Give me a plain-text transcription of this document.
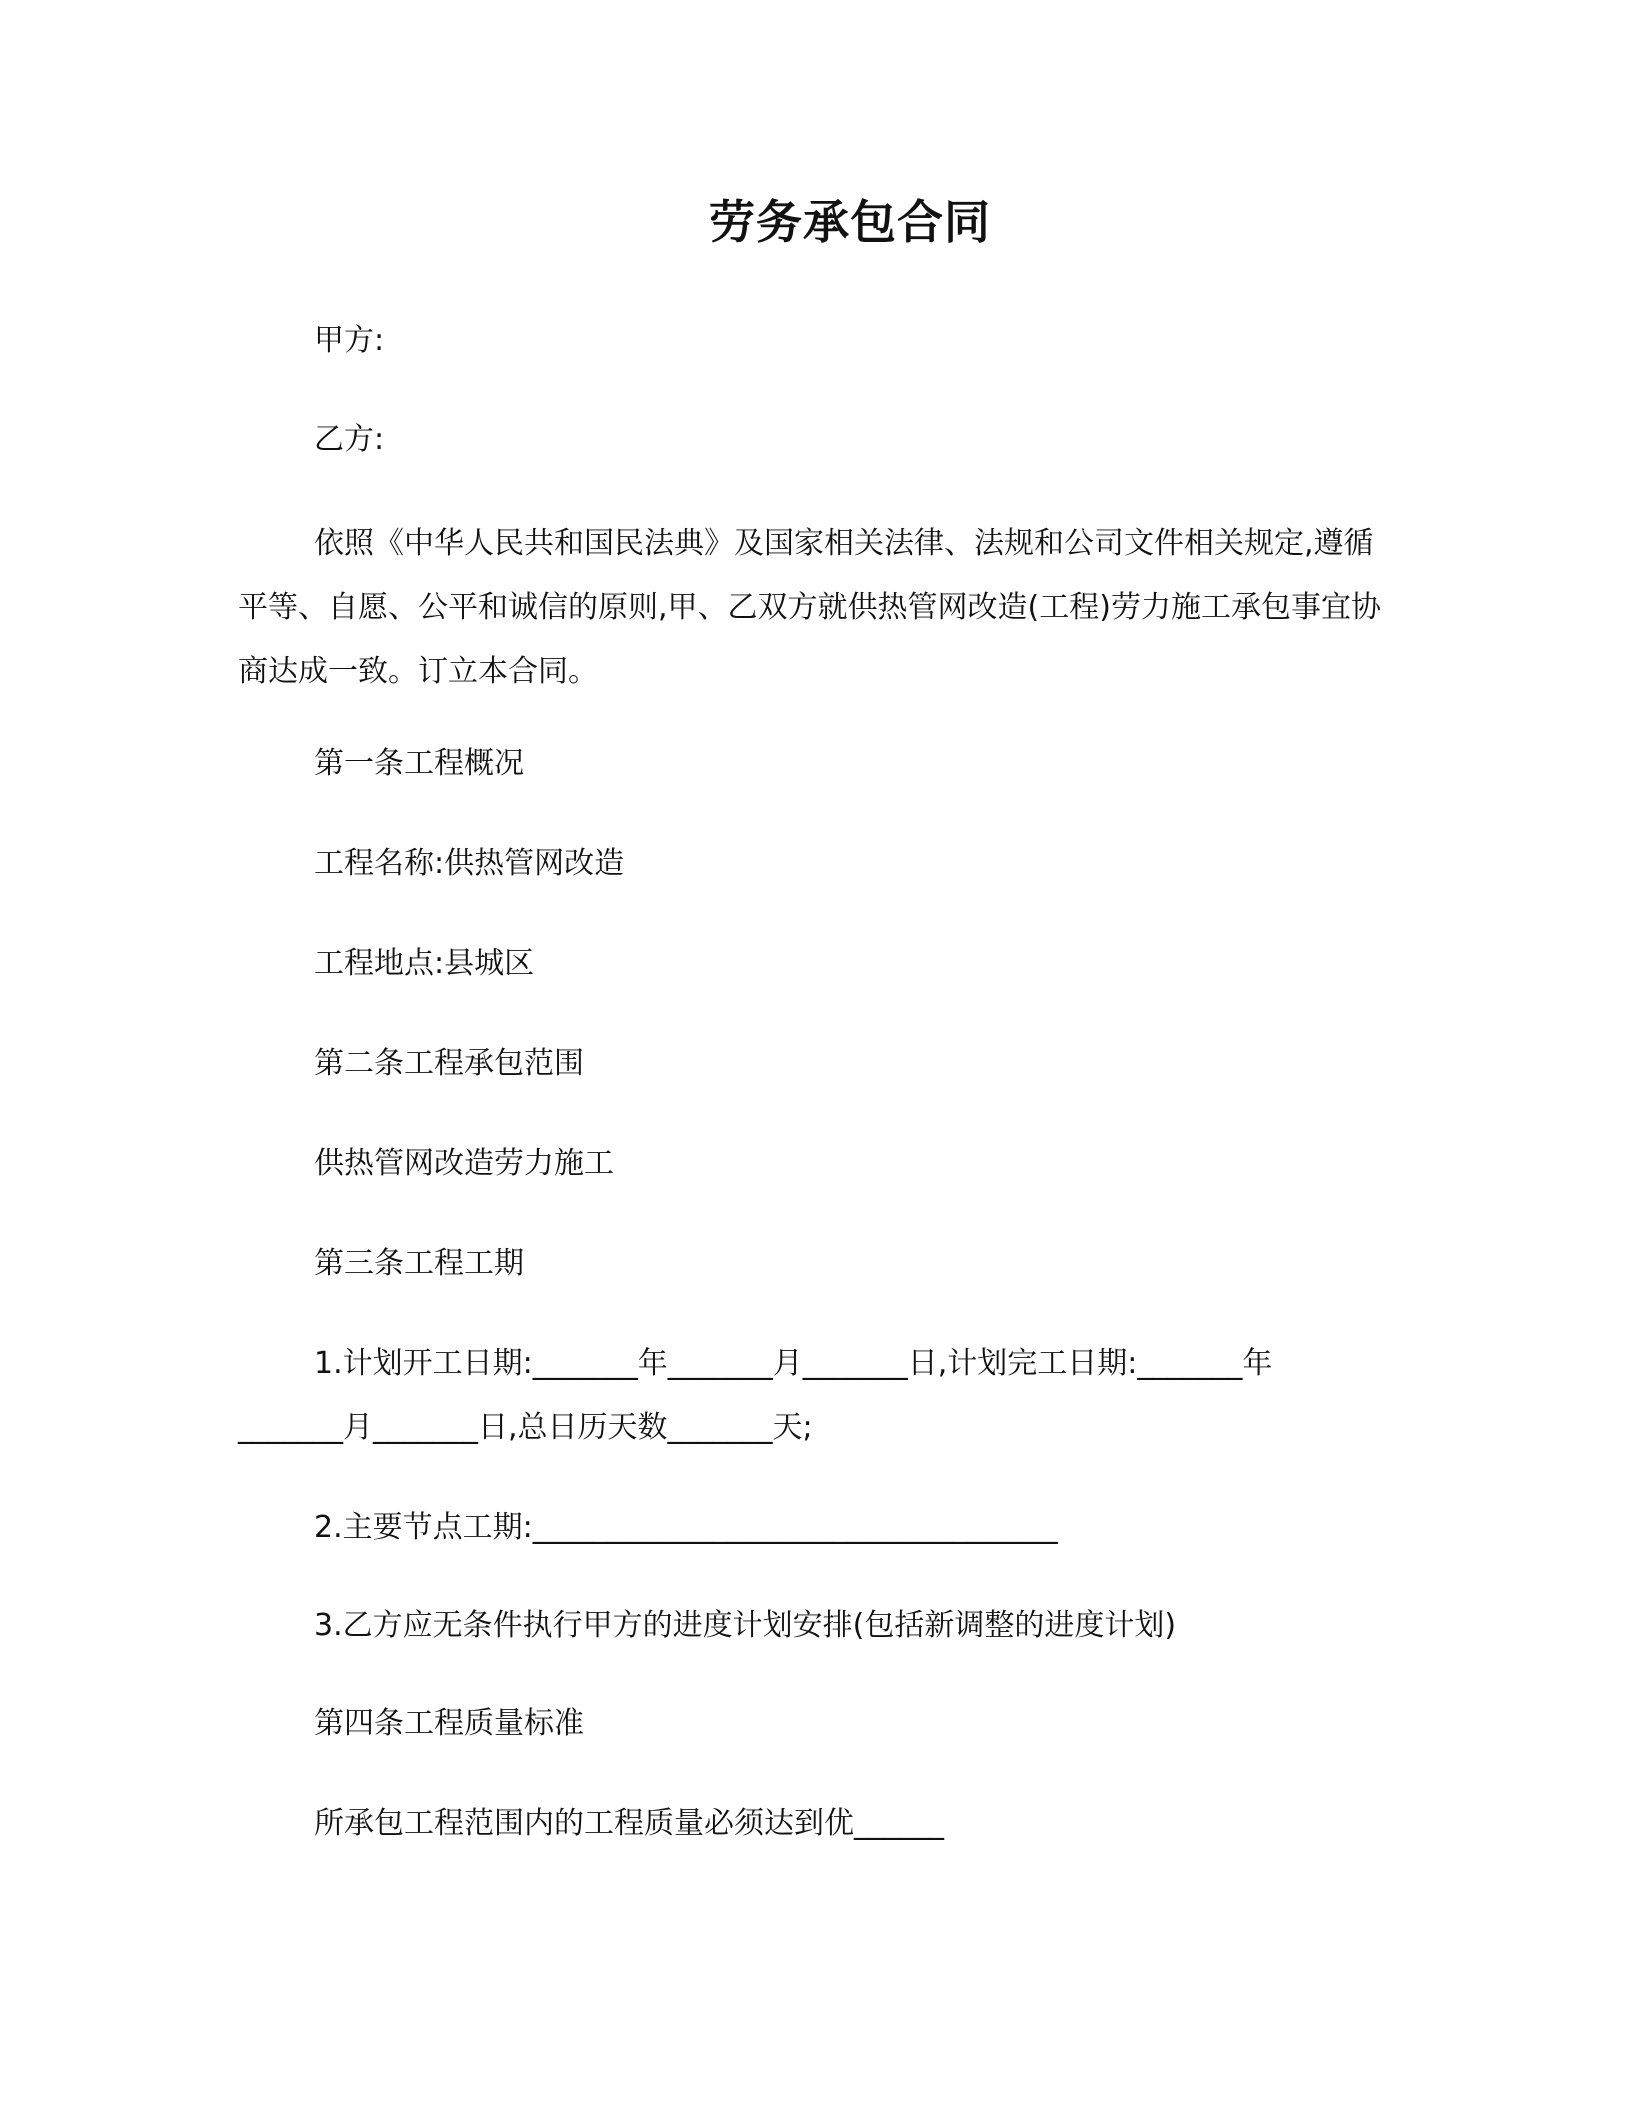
劳务承包合同
甲方:
乙方:
依照《中华人民共和国民法典》及国家相关法律、法规和公司文件相关规定,遵循平等、自愿、公平和诚信的原则,甲、乙双方就供热管网改造(工程)劳力施工承包事宜协商达成一致。订立本合同。
第一条工程概况
工程名称:供热管网改造
工程地点:县城区
第二条工程承包范围
供热管网改造劳力施工
第三条工程工期
1.计划开工日期:_______年_______月_______日,计划完工日期:_______年
_______月_______日,总日历天数_______天;
2.主要节点工期:___________________________________
3.乙方应无条件执行甲方的进度计划安排(包括新调整的进度计划)
第四条工程质量标准
所承包工程范围内的工程质量必须达到优______
